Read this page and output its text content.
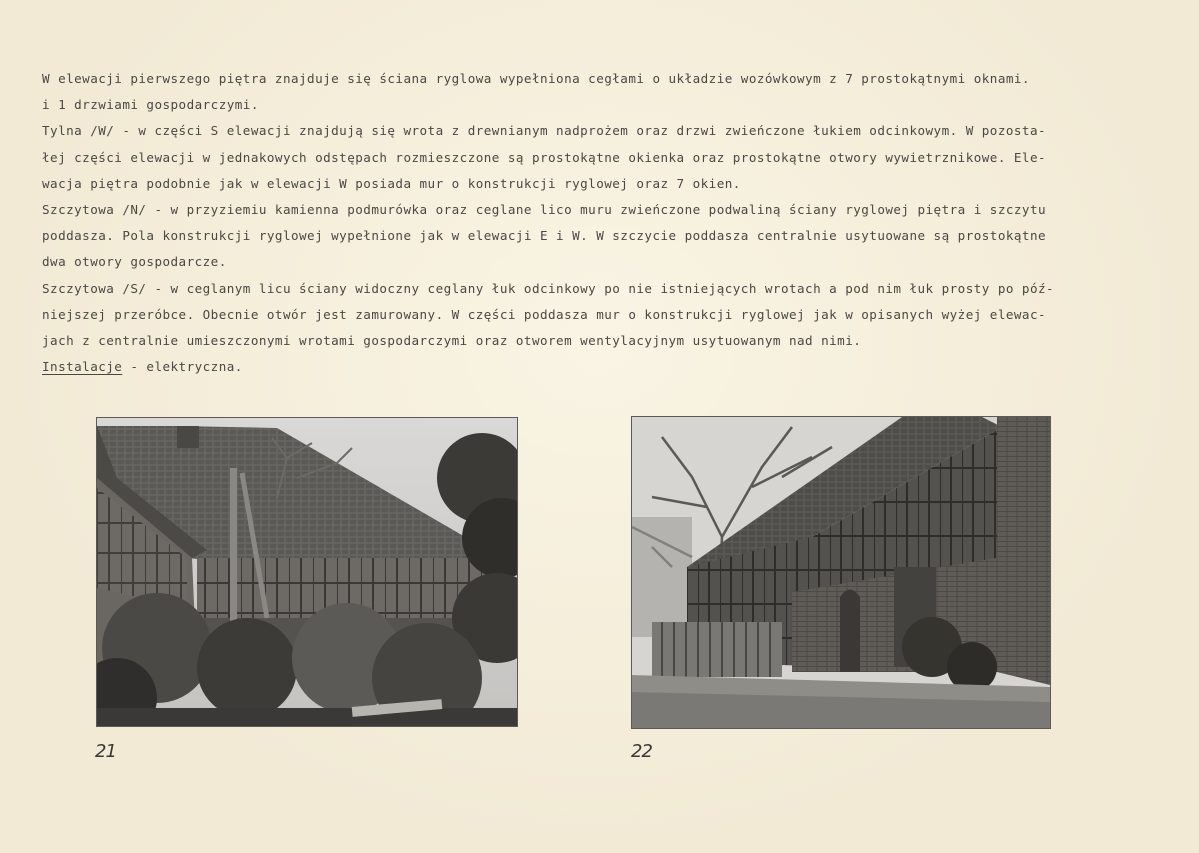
W elewacji pierwszego piętra znajduje się ściana ryglowa wypełniona cegłami o układzie wozówkowym z 7 prostokątnymi oknami.
i 1 drzwiami gospodarczymi.
Tylna /W/ - w części S elewacji znajdują się wrota z drewnianym nadprożem oraz drzwi zwieńczone łukiem odcinkowym. W pozosta-
łej części elewacji w jednakowych odstępach rozmieszczone są prostokątne okienka oraz prostokątne otwory wywietrznikowe. Ele-
wacja piętra podobnie jak w elewacji W posiada mur o konstrukcji ryglowej oraz 7 okien.
Szczytowa /N/ - w przyziemiu kamienna podmurówka oraz ceglane lico muru zwieńczone podwaliną ściany ryglowej piętra i szczytu
poddasza. Pola konstrukcji ryglowej wypełnione jak w elewacji E i W. W szczycie poddasza centralnie usytuowane są prostokątne
dwa otwory gospodarcze.
Szczytowa /S/ - w ceglanym licu ściany widoczny ceglany łuk odcinkowy po nie istniejących wrotach a pod nim łuk prosty po póź-
niejszej przeróbce. Obecnie otwór jest zamurowany. W części poddasza mur o konstrukcji ryglowej jak w opisanych wyżej elewac-
jach z centralnie umieszczonymi wrotami gospodarczymi oraz otworem wentylacyjnym usytuowanym nad nimi.
Instalacje - elektryczna.
21	22
